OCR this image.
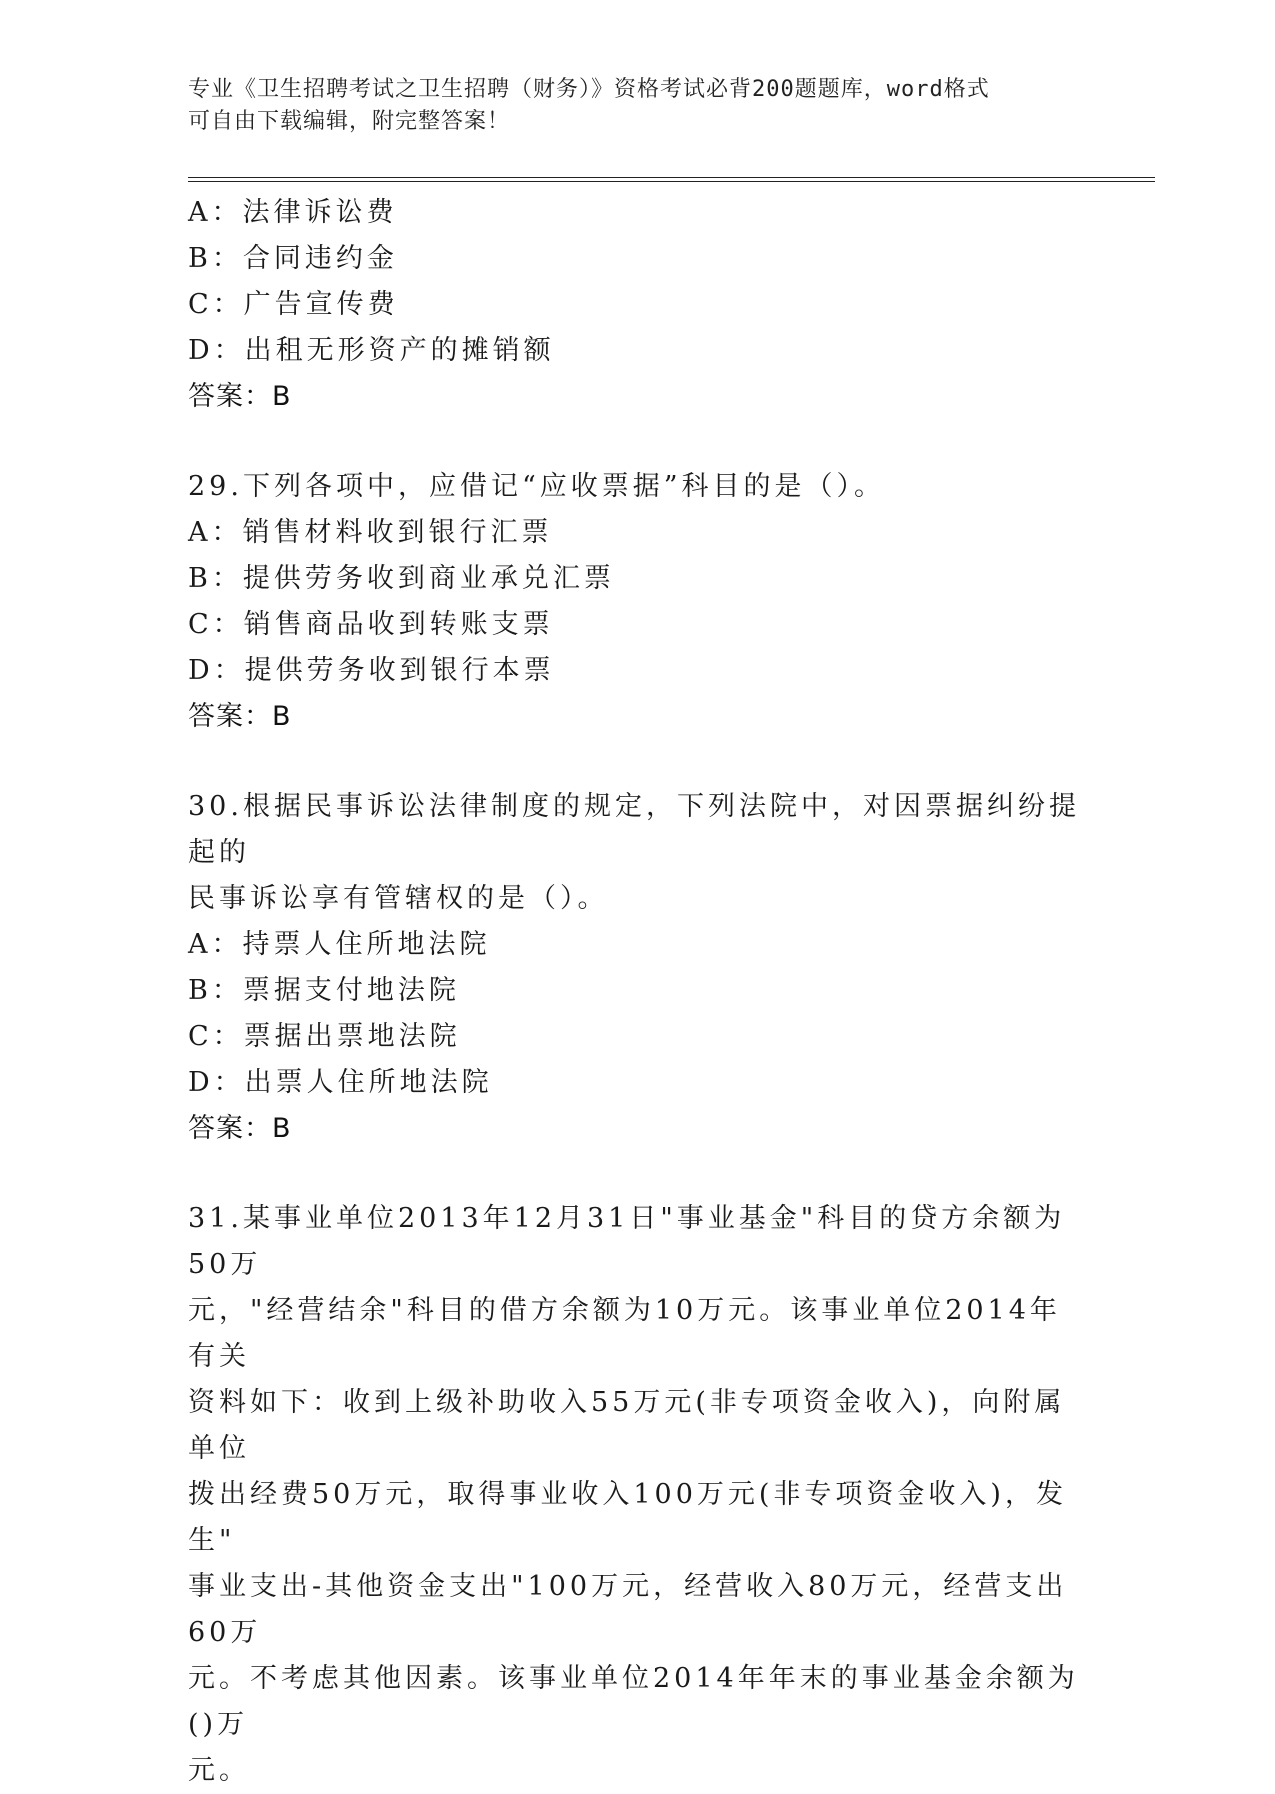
专业《卫生招聘考试之卫生招聘（财务）》资格考试必背200题题库，word格式
可自由下载编辑，附完整答案！
A：法律诉讼费
B：合同违约金
C：广告宣传费
D：出租无形资产的摊销额
答案：B
29.下列各项中，应借记“应收票据”科目的是（）。
A：销售材料收到银行汇票
B：提供劳务收到商业承兑汇票
C：销售商品收到转账支票
D：提供劳务收到银行本票
答案：B
30.根据民事诉讼法律制度的规定，下列法院中，对因票据纠纷提起的
民事诉讼享有管辖权的是（）。
A：持票人住所地法院
B：票据支付地法院
C：票据出票地法院
D：出票人住所地法院
答案：B
31.某事业单位2013年12月31日"事业基金"科目的贷方余额为50万
元，"经营结余"科目的借方余额为10万元。该事业单位2014年有关
资料如下：收到上级补助收入55万元(非专项资金收入)，向附属单位
拨出经费50万元，取得事业收入100万元(非专项资金收入)，发生"
事业支出-其他资金支出"100万元，经营收入80万元，经营支出60万
元。不考虑其他因素。该事业单位2014年年末的事业基金余额为()万
元。
